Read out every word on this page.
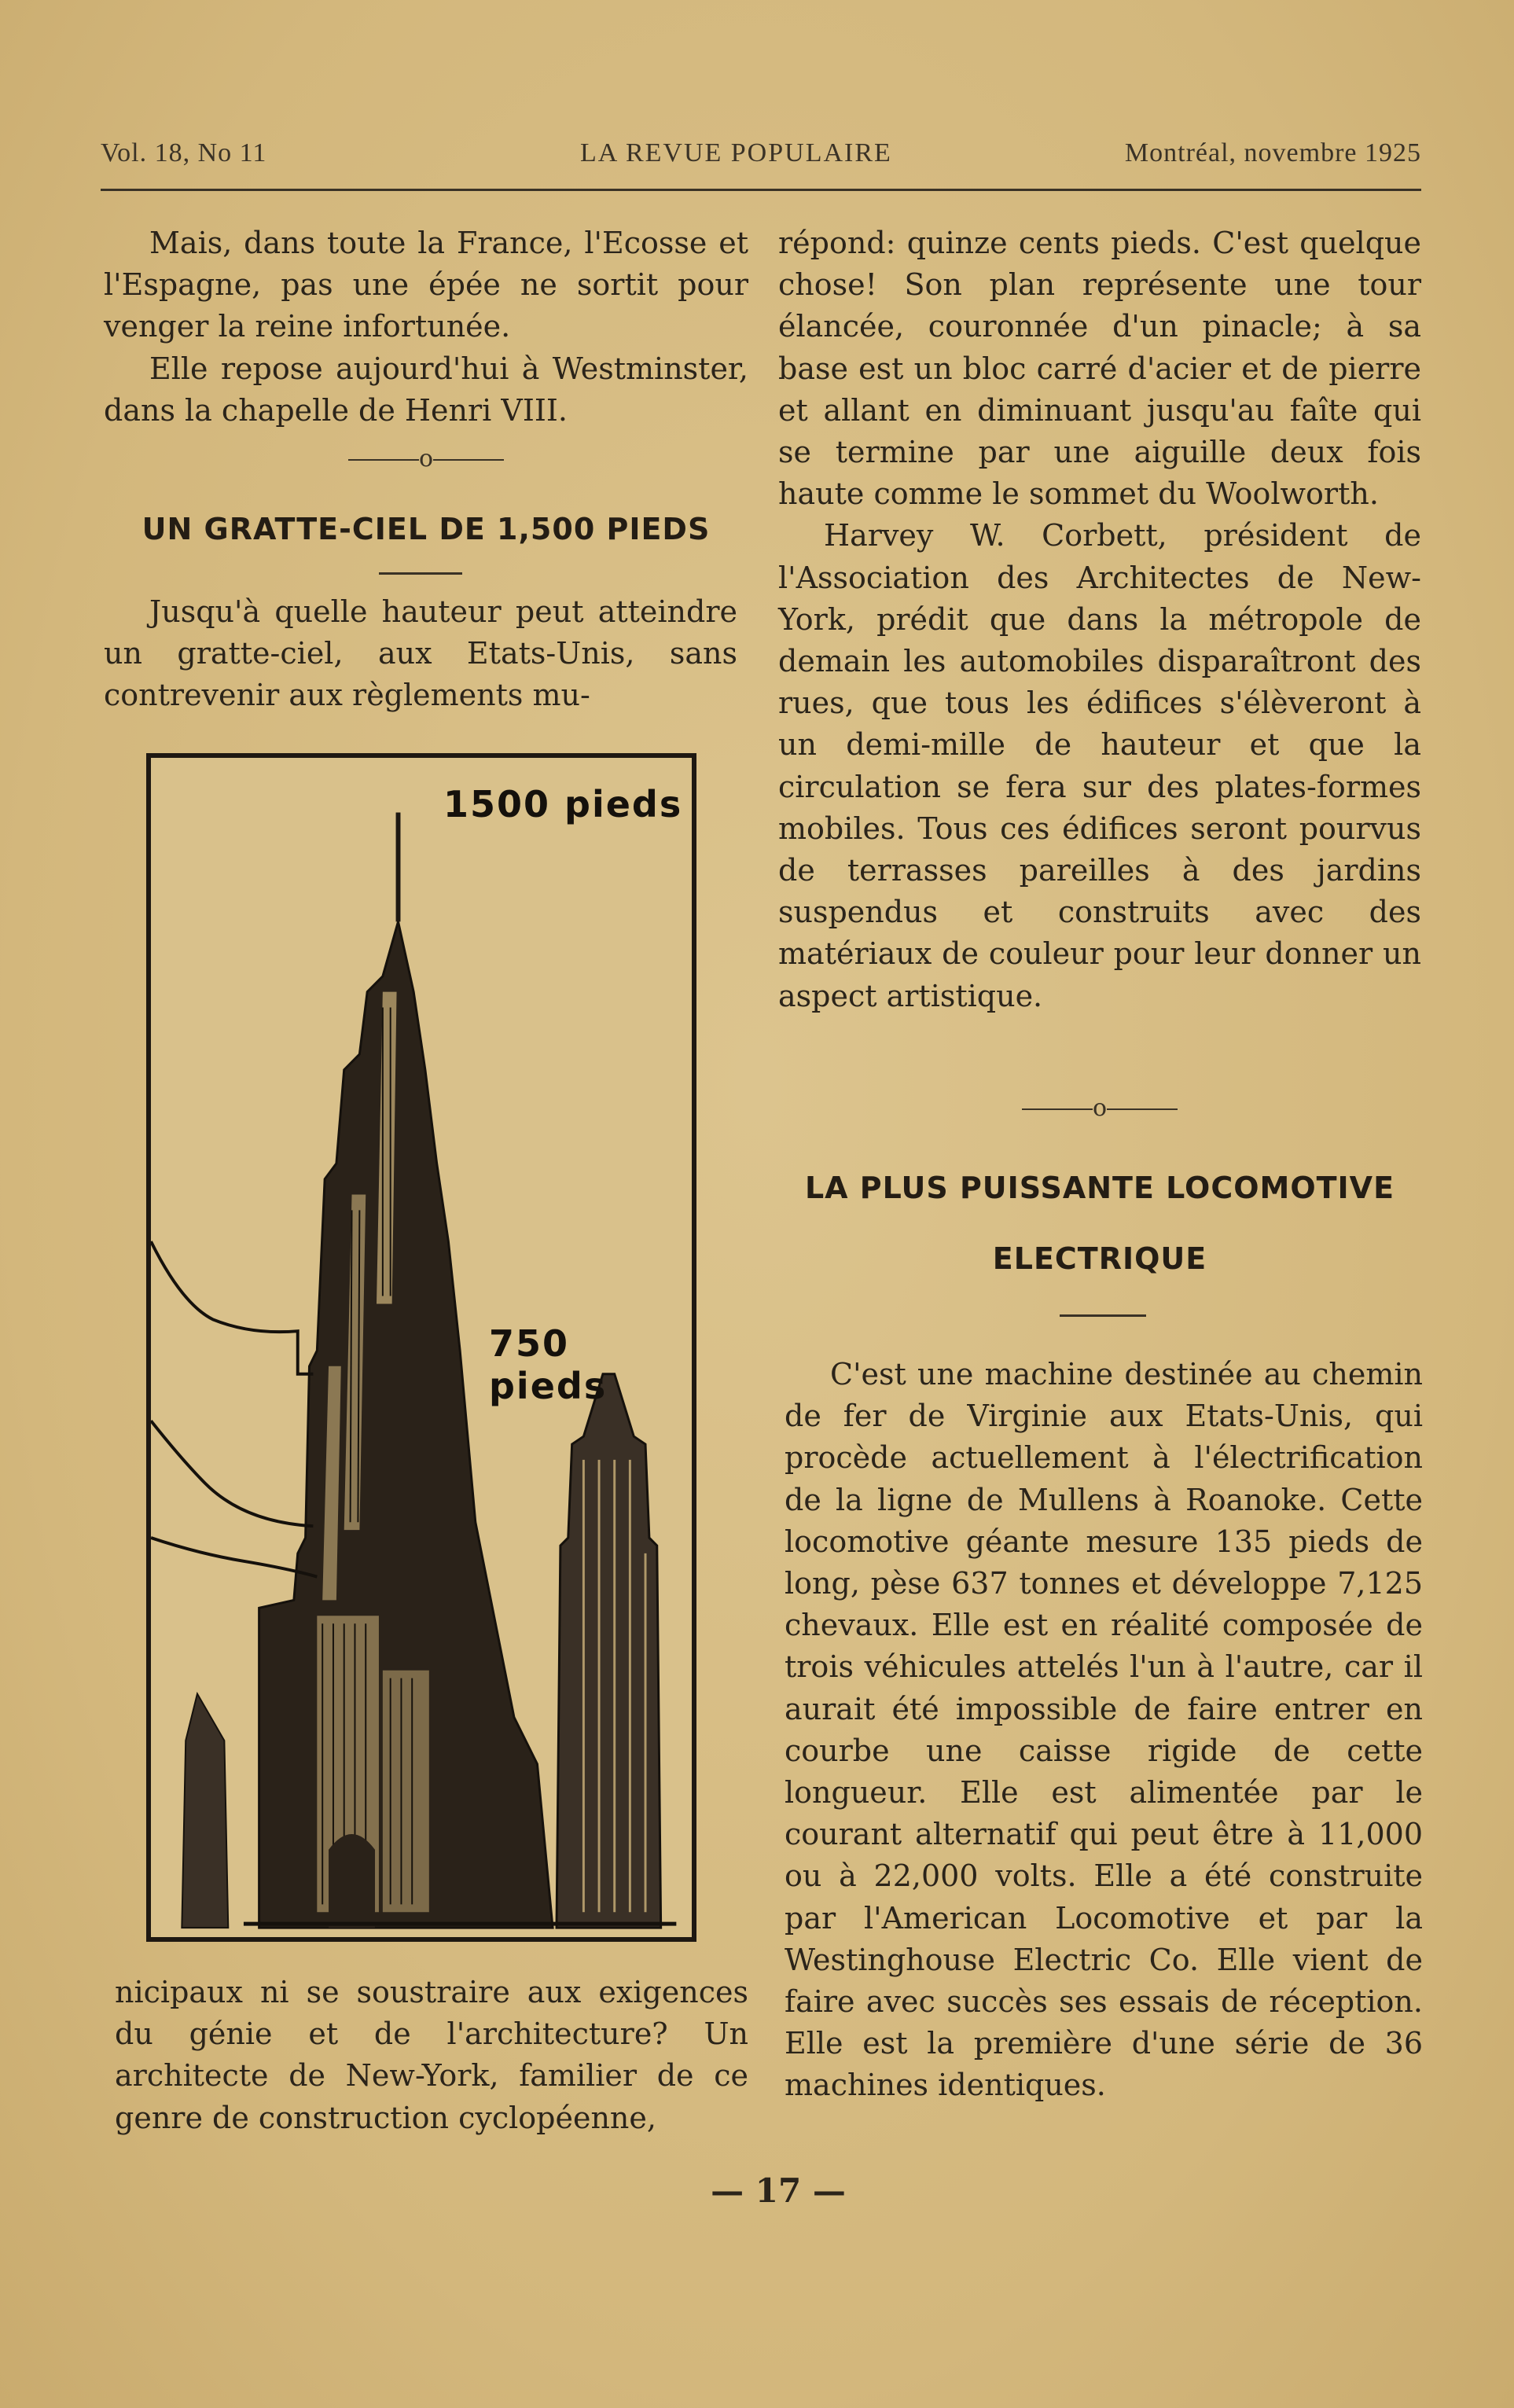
Vol. 18, No 11	LA REVUE POPULAIRE	Montréal, novembre 1925

Mais, dans toute la France, l'Ecosse et l'Espagne, pas une épée ne sortit pour venger la reine infortunée.

Elle repose aujourd'hui à Westminster, dans la chapelle de Henri VIII.

o
UN GRATTE-CIEL DE 1,500 PIEDS

Jusqu'à quelle hauteur peut atteindre un gratte-ciel, aux Etats-Unis, sans contrevenir aux règlements mu-

1500 pieds
750 pieds

nicipaux ni se soustraire aux exigences du génie et de l'architecture? Un architecte de New-York, familier de ce genre de construction cyclopéenne,

répond: quinze cents pieds. C'est quelque chose! Son plan représente une tour élancée, couronnée d'un pinacle; à sa base est un bloc carré d'acier et de pierre et allant en diminuant jusqu'au faîte qui se termine par une aiguille deux fois haute comme le sommet du Woolworth.

Harvey W. Corbett, président de l'Association des Architectes de New-York, prédit que dans la métropole de demain les automobiles disparaîtront des rues, que tous les édifices s'élèveront à un demi-mille de hauteur et que la circulation se fera sur des plates-formes mobiles. Tous ces édifices seront pourvus de terrasses pareilles à des jardins suspendus et construits avec des matériaux de couleur pour leur donner un aspect artistique.

o
LA PLUS PUISSANTE LOCOMOTIVE
ELECTRIQUE

C'est une machine destinée au chemin de fer de Virginie aux Etats-Unis, qui procède actuellement à l'électrification de la ligne de Mullens à Roanoke. Cette locomotive géante mesure 135 pieds de long, pèse 637 tonnes et développe 7,125 chevaux. Elle est en réalité composée de trois véhicules attelés l'un à l'autre, car il aurait été impossible de faire entrer en courbe une caisse rigide de cette longueur. Elle est alimentée par le courant alternatif qui peut être à 11,000 ou à 22,000 volts. Elle a été construite par l'American Locomotive et par la Westinghouse Electric Co. Elle vient de faire avec succès ses essais de réception. Elle est la première d'une série de 36 machines identiques.

— 17 —
